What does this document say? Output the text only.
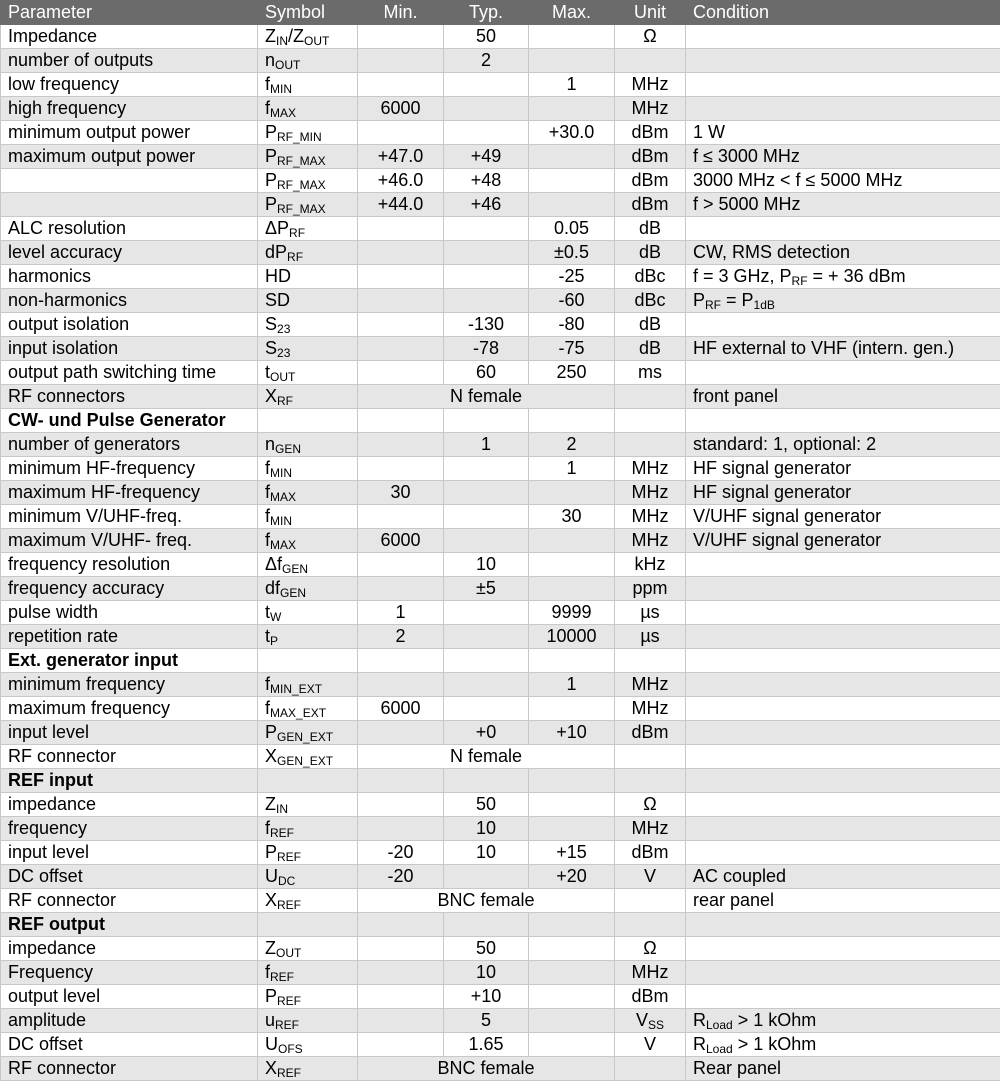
Parameter	Symbol	Min.	Typ.	Max.	Unit	Condition
Impedance	$Z_{IN}/Z_{OUT}$		50		Ω	
number of outputs	$n_{OUT}$		2			
low frequency	$f_{MIN}$			1	MHz	
high frequency	$f_{MAX}$	6000			MHz	
minimum output power	$P_{RF\_MIN}$			+30.0	dBm	1 W
maximum output power	$P_{RF\_MAX}$	+47.0	+49		dBm	f ≤ 3000 MHz
	$P_{RF\_MAX}$	+46.0	+48		dBm	3000 MHz < f ≤ 5000 MHz
	$P_{RF\_MAX}$	+44.0	+46		dBm	f > 5000 MHz
ALC resolution	$\Delta P_{RF}$			0.05	dB	
level accuracy	$dP_{RF}$			±0.5	dB	CW, RMS detection
harmonics	HD			-25	dBc	f = 3 GHz, $P_{RF}$ = + 36 dBm
non-harmonics	SD			-60	dBc	$P_{RF} = P_{1dB}$
output isolation	$S_{23}$		-130	-80	dB	
input isolation	$S_{23}$		-78	-75	dB	HF external to VHF (intern. gen.)
output path switching time	$t_{OUT}$		60	250	ms	
RF connectors	$X_{RF}$	N female				front panel
CW- und Pulse Generator						
number of generators	$n_{GEN}$		1	2		standard: 1, optional: 2
minimum HF-frequency	$f_{MIN}$			1	MHz	HF signal generator
maximum HF-frequency	$f_{MAX}$	30			MHz	HF signal generator
minimum V/UHF-freq.	$f_{MIN}$			30	MHz	V/UHF signal generator
maximum V/UHF- freq.	$f_{MAX}$	6000			MHz	V/UHF signal generator
frequency resolution	$\Delta f_{GEN}$		10		kHz	
frequency accuracy	$df_{GEN}$		±5		ppm	
pulse width	$t_W$	1		9999	µs	
repetition rate	$t_P$	2		10000	µs	
Ext. generator input						
minimum frequency	$f_{MIN\_EXT}$			1	MHz	
maximum frequency	$f_{MAX\_EXT}$	6000			MHz	
input level	$P_{GEN\_EXT}$		+0	+10	dBm	
RF connector	$X_{GEN\_EXT}$	N female				
REF input						
impedance	$Z_{IN}$		50		Ω	
frequency	$f_{REF}$		10		MHz	
input level	$P_{REF}$	-20	10	+15	dBm	
DC offset	$U_{DC}$	-20		+20	V	AC coupled
RF connector	$X_{REF}$	BNC female				rear panel
REF output						
impedance	$Z_{OUT}$		50		Ω	
Frequency	$f_{REF}$		10		MHz	
output level	$P_{REF}$		+10		dBm	
amplitude	$u_{REF}$		5		$V_{SS}$	$R_{Load} > 1$ kOhm
DC offset	$U_{OFS}$		1.65		V	$R_{Load} > 1$ kOhm
RF connector	$X_{REF}$	BNC female				Rear panel
